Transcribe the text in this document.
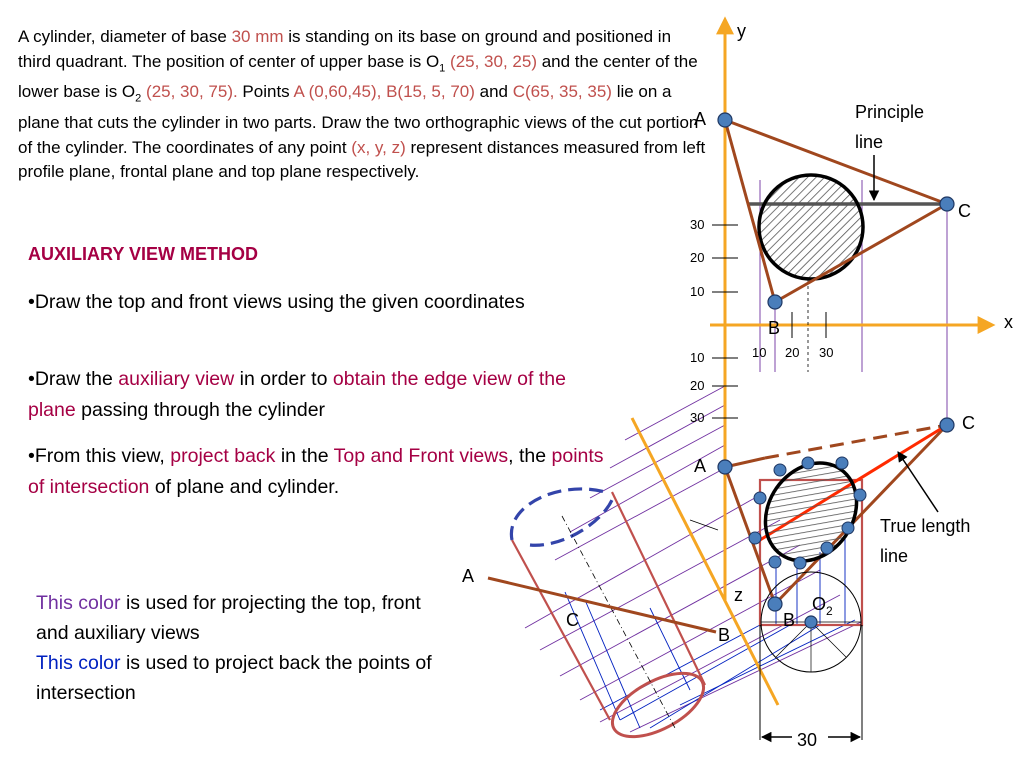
A cylinder, diameter of base 30 mm is standing on its base on ground and positioned in third quadrant. The position of center of upper base is $O_1$ (25, 30, 25) and the center of the lower base is $O_2$ (25, 30, 75). Points A (0,60,45), B(15, 5, 70) and C(65, 35, 35) lie on a plane that cuts the cylinder in two parts. Draw the two orthographic views of the cut portion of the cylinder. The coordinates of any point (x, y, z) represent distances measured from left profile plane, frontal plane and top plane respectively.
AUXILIARY VIEW METHOD
•Draw the top and front views using the given coordinates
•Draw the auxiliary view in order to obtain the edge view of the plane passing through the cylinder
•From this view, project back in the Top and Front views, the points of intersection of plane and cylinder.
This color is used for projecting the top, front and auxiliary views
This color is used to project back the points of intersection
y
x
z
30
20
10
10 20 30
10
20
30
A
C
B
A
C
B
A
B
C
$O_2$
Principle
line
True length
line
30
